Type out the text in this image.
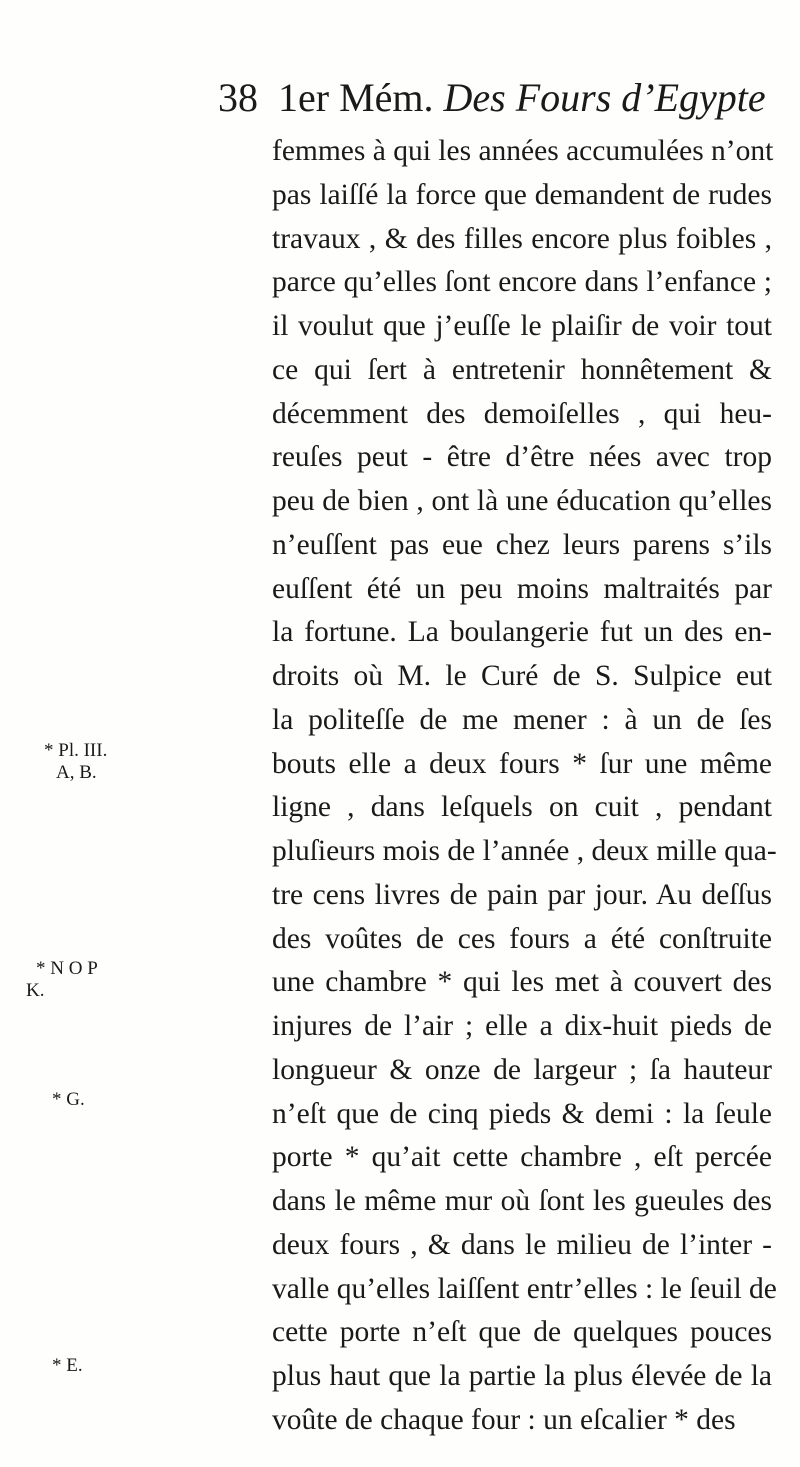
38 1er Mém. Des Fours d’Egypte
* Pl. III.
A, B.
* N O P
K.
* G.
* E.
femmes à qui les années accumulées n’ont
pas laiſſé la force que demandent de rudes
travaux , & des filles encore plus foibles ,
parce qu’elles ſont encore dans l’enfance ;
il voulut que j’euſſe le plaiſir de voir tout
ce qui ſert à entretenir honnêtement &
décemment des demoiſelles , qui heu-
reuſes peut - être d’être nées avec trop
peu de bien , ont là une éducation qu’elles
n’euſſent pas eue chez leurs parens s’ils
euſſent été un peu moins maltraités par
la fortune. La boulangerie fut un des en-
droits où M. le Curé de S. Sulpice eut
la politeſſe de me mener : à un de ſes
bouts elle a deux fours * ſur une même
ligne , dans leſquels on cuit , pendant
pluſieurs mois de l’année , deux mille qua-
tre cens livres de pain par jour. Au deſſus
des voûtes de ces fours a été conſtruite
une chambre * qui les met à couvert des
injures de l’air ; elle a dix-huit pieds de
longueur & onze de largeur ; ſa hauteur
n’eſt que de cinq pieds & demi : la ſeule
porte * qu’ait cette chambre , eſt percée
dans le même mur où ſont les gueules des
deux fours , & dans le milieu de l’inter -
valle qu’elles laiſſent entr’elles : le ſeuil de
cette porte n’eſt que de quelques pouces
plus haut que la partie la plus élevée de la
voûte de chaque four : un eſcalier * des
